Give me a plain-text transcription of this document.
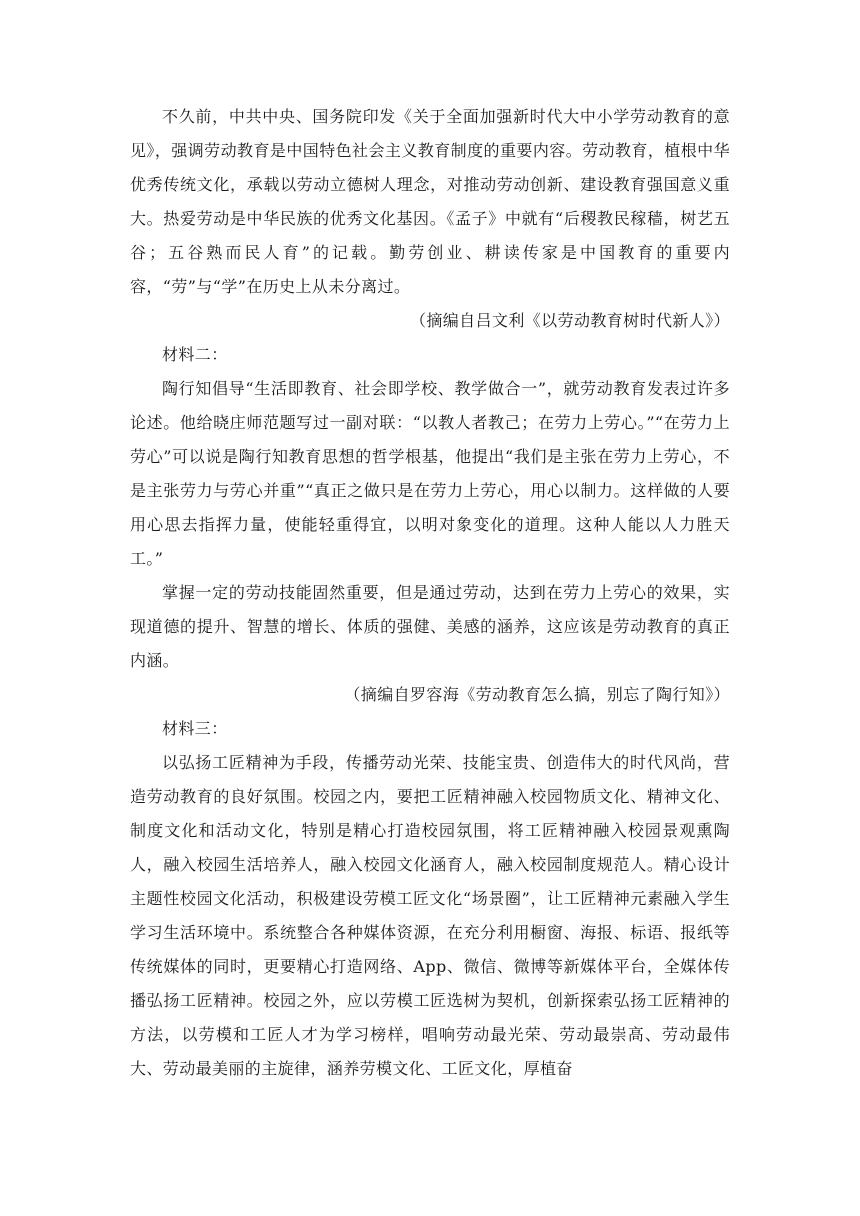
不久前，中共中央、国务院印发《关于全面加强新时代大中小学劳动教育的意见》，强调劳动教育是中国特色社会主义教育制度的重要内容。劳动教育，植根中华优秀传统文化，承载以劳动立德树人理念，对推动劳动创新、建设教育强国意义重大。热爱劳动是中华民族的优秀文化基因。《孟子》中就有“后稷教民稼穑，树艺五谷；五谷熟而民人育”的记载。勤劳创业、耕读传家是中国教育的重要内容，“劳”与“学”在历史上从未分离过。

（摘编自吕文利《以劳动教育树时代新人》）

材料二：

陶行知倡导“生活即教育、社会即学校、教学做合一”，就劳动教育发表过许多论述。他给晓庄师范题写过一副对联：“以教人者教己；在劳力上劳心。”“在劳力上劳心”可以说是陶行知教育思想的哲学根基，他提出“我们是主张在劳力上劳心，不是主张劳力与劳心并重”“真正之做只是在劳力上劳心，用心以制力。这样做的人要用心思去指挥力量，使能轻重得宜，以明对象变化的道理。这种人能以人力胜天工。”

掌握一定的劳动技能固然重要，但是通过劳动，达到在劳力上劳心的效果，实现道德的提升、智慧的增长、体质的强健、美感的涵养，这应该是劳动教育的真正内涵。

（摘编自罗容海《劳动教育怎么搞，别忘了陶行知》）

材料三：

以弘扬工匠精神为手段，传播劳动光荣、技能宝贵、创造伟大的时代风尚，营造劳动教育的良好氛围。校园之内，要把工匠精神融入校园物质文化、精神文化、制度文化和活动文化，特别是精心打造校园氛围，将工匠精神融入校园景观熏陶人，融入校园生活培养人，融入校园文化涵育人，融入校园制度规范人。精心设计主题性校园文化活动，积极建设劳模工匠文化“场景圈”，让工匠精神元素融入学生学习生活环境中。系统整合各种媒体资源，在充分利用橱窗、海报、标语、报纸等传统媒体的同时，更要精心打造网络、App、微信、微博等新媒体平台，全媒体传播弘扬工匠精神。校园之外，应以劳模工匠选树为契机，创新探索弘扬工匠精神的方法，以劳模和工匠人才为学习榜样，唱响劳动最光荣、劳动最崇高、劳动最伟大、劳动最美丽的主旋律，涵养劳模文化、工匠文化，厚植奋
